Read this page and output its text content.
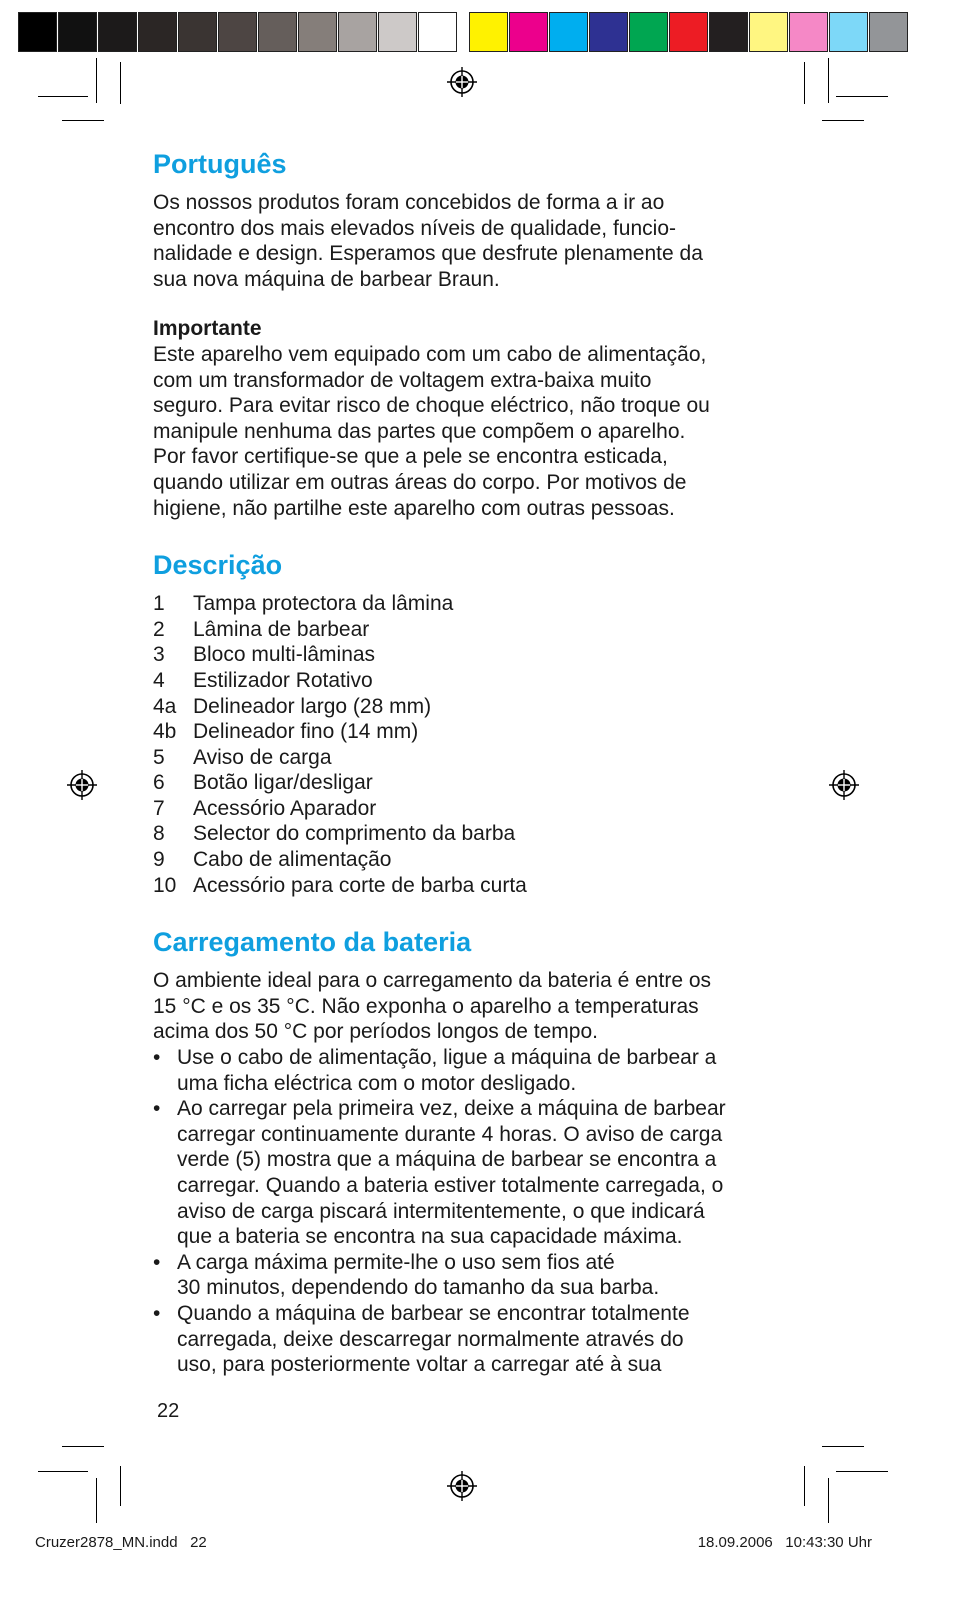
Português

Os nossos produtos foram concebidos de forma a ir ao

encontro dos mais elevados níveis de qualidade, funcio-

nalidade e design. Esperamos que desfrute plenamente da

sua nova máquina de barbear Braun.

Importante

Este aparelho vem equipado com um cabo de alimentação,

com um transformador de voltagem extra-baixa muito

seguro. Para evitar risco de choque eléctrico, não troque ou

manipule nenhuma das partes que compõem o aparelho.

Por favor certifique-se que a pele se encontra esticada,

quando utilizar em outras áreas do corpo. Por motivos de

higiene, não partilhe este aparelho com outras pessoas.

Descrição
1	Tampa protectora da lâmina
2	Lâmina de barbear
3	Bloco multi-lâminas
4	Estilizador Rotativo
4a Delineador largo (28 mm)
4b Delineador fino (14 mm)
5	Aviso de carga
6	Botão ligar/desligar
7	Acessório Aparador
8	Selector do comprimento da barba
9	Cabo de alimentação
10 Acessório para corte de barba curta
Carregamento da bateria

O ambiente ideal para o carregamento da bateria é entre os

15 °C e os 35 °C. Não exponha o aparelho a temperaturas

acima dos 50 °C por períodos longos de tempo.

• Use o cabo de alimentação, ligue a máquina de barbear a

uma ficha eléctrica com o motor desligado.

• Ao carregar pela primeira vez, deixe a máquina de barbear

carregar continuamente durante 4 horas. O aviso de carga

verde (5) mostra que a máquina de barbear se encontra a

carregar. Quando a bateria estiver totalmente carregada, o

aviso de carga piscará intermitentemente, o que indicará

que a bateria se encontra na sua capacidade máxima.

• A carga máxima permite-lhe o uso sem fios até

30 minutos, dependendo do tamanho da sua barba.

• Quando a máquina de barbear se encontrar totalmente

carregada, deixe descarregar normalmente através do

uso, para posteriormente voltar a carregar até à sua

22
Cruzer2878_MN.indd   22	18.09.2006   10:43:30 Uhr
